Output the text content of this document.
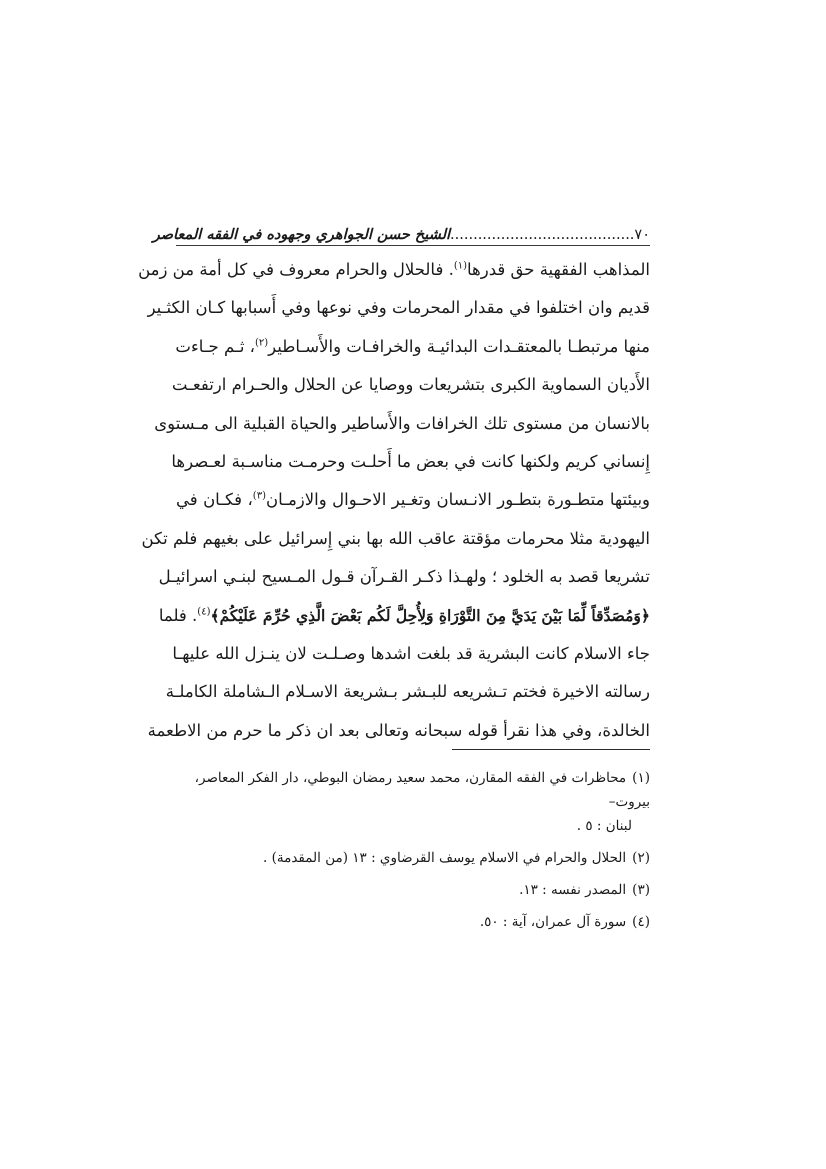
٧٠
........................................
الشيخ حسن الجواهري وجهوده في الفقه المعاصر
المذاهب الفقهية حق قدرها$^{(١)}$. فالحلال والحرام معروف في كل أمة من زمن
قديم وان اختلفوا في مقدار المحرمات وفي نوعها وفي أَسبابها كـان الكثـير
منها مرتبطـا بالمعتقـدات البدائيـة والخرافـات والأَسـاطير$^{(٢)}$، ثـم جـاءت
الأَديان السماوية الكبرى بتشريعات ووصايا عن الحلال والحـرام ارتفعـت
بالانسان من مستوى تلك الخرافات والأَساطير والحياة القبلية الى مـستوى
إِنساني كريم ولكنها كانت في بعض ما أَحلـت وحرمـت مناسـبة لعـصرها
وبيئتها متطـورة بتطـور الانـسان وتغـير الاحـوال والازمـان$^{(٣)}$، فكـان في
اليهودية مثلا محرمات مؤقتة عاقب الله بها بني إِسرائيل على بغيهم فلم تكن
تشريعا قصد به الخلود ؛ ولهـذا ذكـر القـرآن قـول المـسيح لبنـي اسرائيـل
﴿وَمُصَدِّقاً لِّمَا بَيْنَ يَدَيَّ مِنَ التَّوْرَاةِ وَلِأُحِلَّ لَكُم بَعْضَ الَّذِي حُرِّمَ عَلَيْكُمْ﴾$^{(٤)}$. فلما
جاء الاسلام كانت البشرية قد بلغت اشدها وصـلـت لان ينـزل الله عليهـا
رسالته الاخيرة فختم تـشريعه للبـشر بـشريعة الاسـلام الـشاملة الكاملـة
الخالدة، وفي هذا نقرأ قوله سبحانه وتعالى بعد ان ذكر ما حرم من الاطعمة
(١)محاظرات في الفقه المقارن، محمد سعيد رمضان البوطي، دار الفكر المعاصر، بيروت–
لبنان : ٥ .
(٢)الحلال والحرام في الاسلام يوسف القرضاوي : ١٣ (من المقدمة) .
(٣)المصدر نفسه : ١٣.
(٤)سورة آل عمران، آية : ٥٠.
